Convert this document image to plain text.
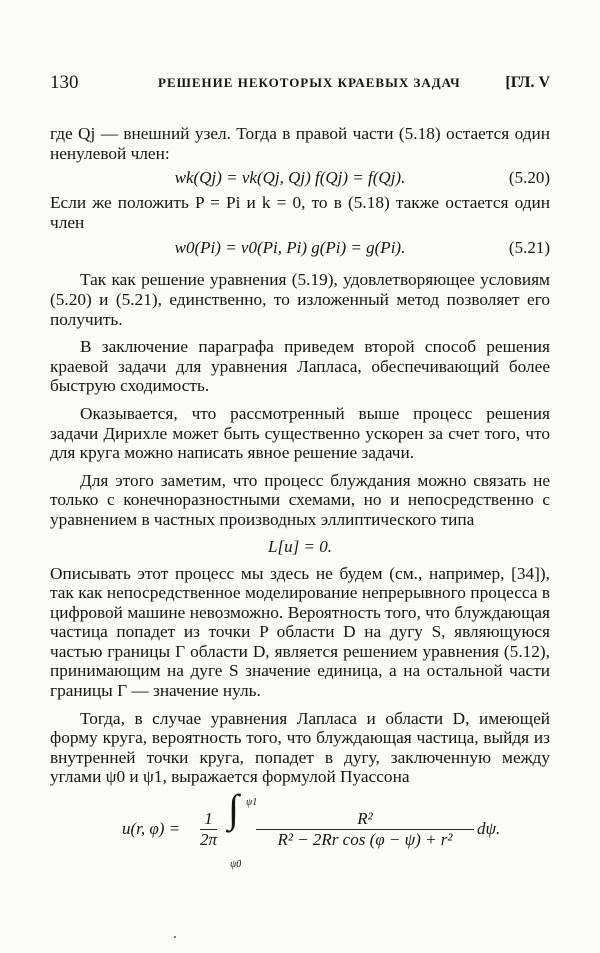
130	РЕШЕНИЕ НЕКОТОРЫХ КРАЕВЫХ ЗАДАЧ	[ГЛ. V

где Qj — внешний узел. Тогда в правой части (5.18) остается один ненулевой член:

wk(Qj) = vk(Qj, Qj) f(Qj) = f(Qj).	(5.20)

Если же положить P = Pi и k = 0, то в (5.18) также остается один член

w0(Pi) = v0(Pi, Pi) g(Pi) = g(Pi).	(5.21)

Так как решение уравнения (5.19), удовлетворяющее условиям (5.20) и (5.21), единственно, то изложенный метод позволяет его получить.

В заключение параграфа приведем второй способ решения краевой задачи для уравнения Лапласа, обеспечивающий более быструю сходимость.

Оказывается, что рассмотренный выше процесс решения задачи Дирихле может быть существенно ускорен за счет того, что для круга можно написать явное решение задачи.

Для этого заметим, что процесс блуждания можно связать не только с конечноразностными схемами, но и непосредственно с уравнением в частных производных эллиптического типа

L[u] = 0.

Описывать этот процесс мы здесь не будем (см., например, [34]), так как непосредственное моделирование непрерывного процесса в цифровой машине невозможно. Вероятность того, что блуждающая частица попадет из точки P области D на дугу S, являющуюся частью границы Γ области D, является решением уравнения (5.12), принимающим на дуге S значение единица, а на остальной части границы Γ — значение нуль.

Тогда, в случае уравнения Лапласа и области D, имеющей форму круга, вероятность того, что блуждающая частица, выйдя из внутренней точки круга, попадет в дугу, заключенную между углами ψ0 и ψ1, выражается формулой Пуассона

u(r, $\varphi) = \frac{1}{2\pi}$ ∫ ψ1
ψ0
$\frac{\text{R²}}{\text{R² − 2Rr cos (φ − ψ) + r²}} d\psi$.
